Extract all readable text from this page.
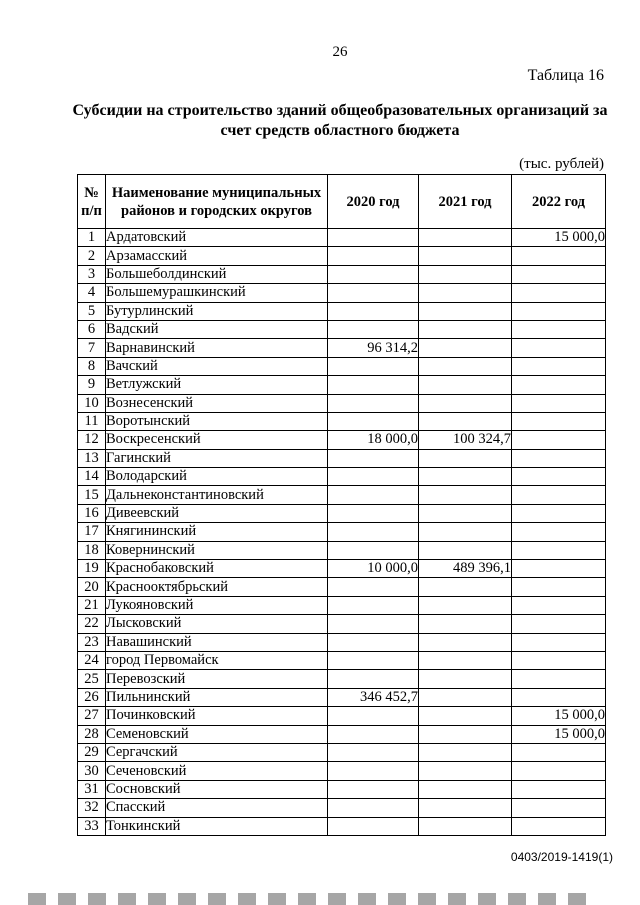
26
Таблица 16
Субсидии на строительство зданий общеобразовательных организаций за
счет средств областного бюджета
(тыс. рублей)
№ п/п	Наименование муниципальных районов и городских округов	2020 год	2021 год	2022 год
1	Ардатовский			15 000,0
2	Арзамасский			
3	Большеболдинский			
4	Большемурашкинский			
5	Бутурлинский			
6	Вадский			
7	Варнавинский	96 314,2		
8	Вачский			
9	Ветлужский			
10	Вознесенский			
11	Воротынский			
12	Воскресенский	18 000,0	100 324,7	
13	Гагинский			
14	Володарский			
15	Дальнеконстантиновский			
16	Дивеевский			
17	Княгининский			
18	Ковернинский			
19	Краснобаковский	10 000,0	489 396,1	
20	Краснооктябрьский			
21	Лукояновский			
22	Лысковский			
23	Навашинский			
24	город Первомайск			
25	Перевозский			
26	Пильнинский	346 452,7		
27	Починковский			15 000,0
28	Семеновский			15 000,0
29	Сергачский			
30	Сеченовский			
31	Сосновский			
32	Спасский			
33	Тонкинский			
0403/2019-1419(1)
